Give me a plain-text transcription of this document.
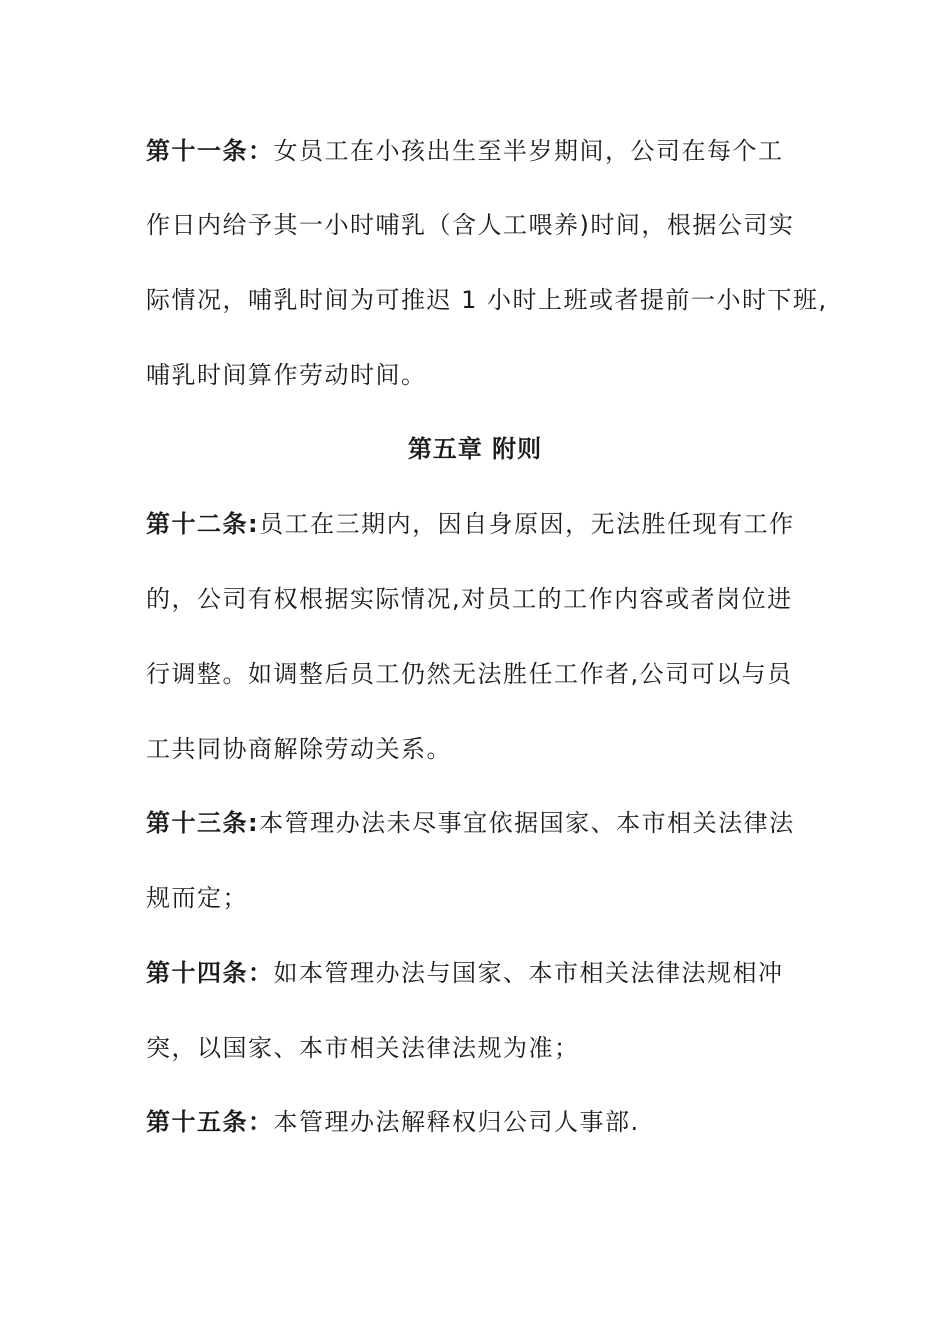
第十一条：女员工在小孩出生至半岁期间，公司在每个工
作日内给予其一小时哺乳（含人工喂养)时间，根据公司实
际情况，哺乳时间为可推迟 1 小时上班或者提前一小时下班,
哺乳时间算作劳动时间。
第五章 附则
第十二条:员工在三期内，因自身原因，无法胜任现有工作
的，公司有权根据实际情况,对员工的工作内容或者岗位进
行调整。如调整后员工仍然无法胜任工作者,公司可以与员
工共同协商解除劳动关系。
第十三条:本管理办法未尽事宜依据国家、本市相关法律法
规而定；
第十四条：如本管理办法与国家、本市相关法律法规相冲
突，以国家、本市相关法律法规为准；
第十五条：本管理办法解释权归公司人事部.
